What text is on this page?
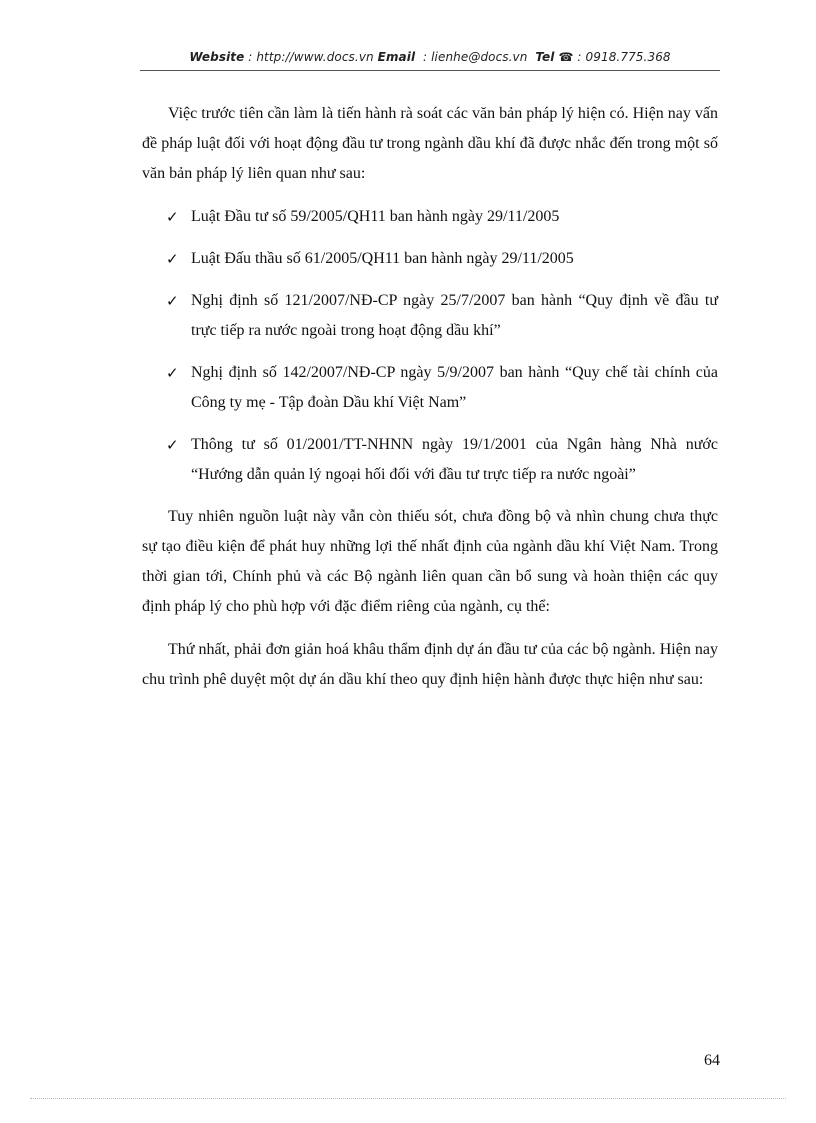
Website : http://www.docs.vn Email  : lienhe@docs.vn Tel ☎ : 0918.775.368

Việc trước tiên cần làm là tiến hành rà soát các văn bản pháp lý hiện có. Hiện nay vấn đề pháp luật đối với hoạt động đầu tư trong ngành dầu khí đã được nhắc đến trong một số văn bản pháp lý liên quan như sau:

✓ Luật Đầu tư số 59/2005/QH11 ban hành ngày 29/11/2005
✓ Luật Đấu thầu số 61/2005/QH11 ban hành ngày 29/11/2005
✓ Nghị định số 121/2007/NĐ-CP ngày 25/7/2007 ban hành “Quy định về đầu tư trực tiếp ra nước ngoài trong hoạt động dầu khí”
✓ Nghị định số 142/2007/NĐ-CP ngày 5/9/2007 ban hành “Quy chế tài chính của Công ty mẹ - Tập đoàn Dầu khí Việt Nam”
✓ Thông tư số 01/2001/TT-NHNN ngày 19/1/2001 của Ngân hàng Nhà nước “Hướng dẫn quản lý ngoại hối đối với đầu tư trực tiếp ra nước ngoài”

Tuy nhiên nguồn luật này vẫn còn thiếu sót, chưa đồng bộ và nhìn chung chưa thực sự tạo điều kiện để phát huy những lợi thế nhất định của ngành dầu khí Việt Nam. Trong thời gian tới, Chính phủ và các Bộ ngành liên quan cần bổ sung và hoàn thiện các quy định pháp lý cho phù hợp với đặc điểm riêng của ngành, cụ thể:

Thứ nhất, phải đơn giản hoá khâu thẩm định dự án đầu tư của các bộ ngành. Hiện nay chu trình phê duyệt một dự án dầu khí theo quy định hiện hành được thực hiện như sau:

64
